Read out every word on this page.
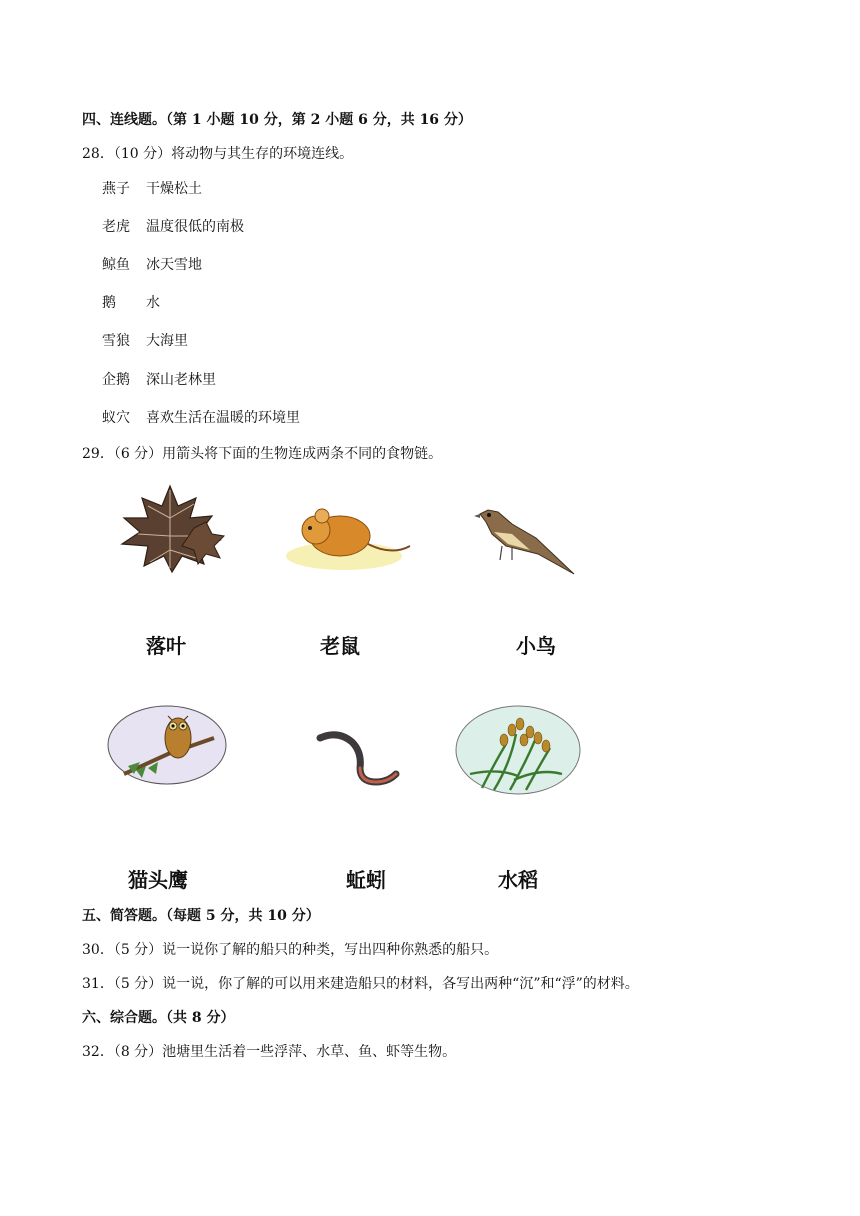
四、连线题。（第 1 小题 10 分，第 2 小题 6 分，共 16 分）
28．（10 分）将动物与其生存的环境连线。
燕子 干燥松土
老虎 温度很低的南极
鲸鱼 冰天雪地
鹅 水
雪狼 大海里
企鹅 深山老林里
蚁穴 喜欢生活在温暖的环境里
29．（6 分）用箭头将下面的生物连成两条不同的食物链。
落叶	老鼠	小鸟
猫头鹰	蚯蚓	水稻
五、简答题。（每题 5 分，共 10 分）
30．（5 分）说一说你了解的船只的种类，写出四种你熟悉的船只。
31．（5 分）说一说，你了解的可以用来建造船只的材料，各写出两种“沉”和“浮”的材料。
六、综合题。（共 8 分）
32．（8 分）池塘里生活着一些浮萍、水草、鱼、虾等生物。
